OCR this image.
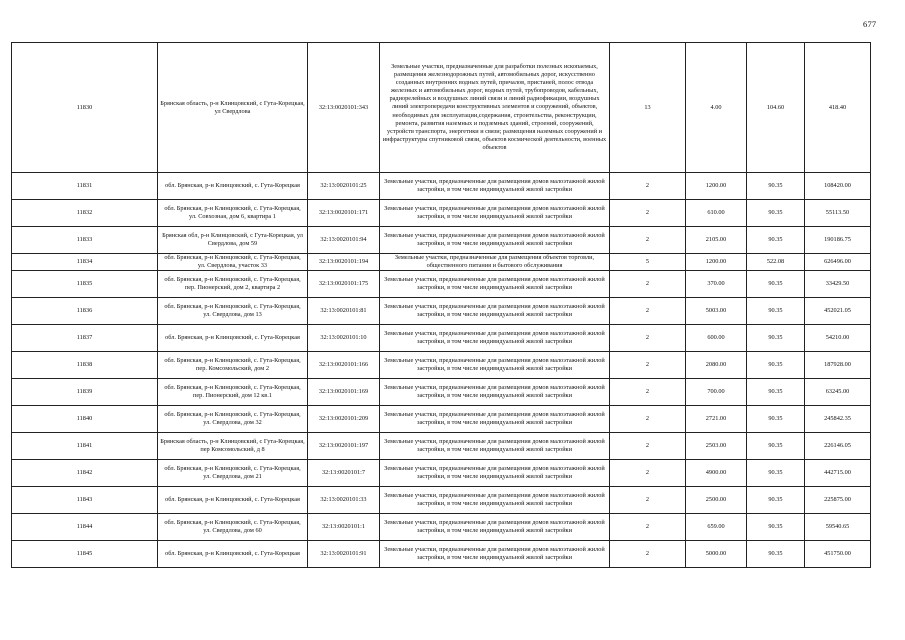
677
11830	Брянская область, р-н Клинцовский, с Гута-Корецкая, ул Свердлова	32:13:0020101:343	Земельные участки, предназначенные для разработки полезных ископаемых, размещения железнодорожных путей, автомобильных дорог, искусственно созданных внутренних водных путей, причалов, пристаней, полос отвода железных и автомобильных дорог, водных путей, трубопроводов, кабельных, радиорелейных и воздушных линий связи и линий радиофикации, воздушных линий электропередачи конструктивных элементов и сооружений, объектов, необходимых для эксплуатации,содержания, строительства, реконструкции, ремонта, развития наземных и подземных зданий, строений, сооружений, устройств транспорта, энергетики и связи; размещения наземных сооружений и инфраструктуры спутниковой связи, объектов космической деятельности, военных объектов	13	4.00	104.60	418.40
11831	обл. Брянская, р-н Клинцовский, с. Гута-Корецкая	32:13:0020101:25	Земельные участки, предназначенные для размещения домов малоэтажной жилой застройки, в том числе индивидуальной жилой застройки	2	1200.00	90.35	108420.00
11832	обл. Брянская, р-н Клинцовский, с. Гута-Корецкая, ул. Совхозная, дом 6, квартира 1	32:13:0020101:171	Земельные участки, предназначенные для размещения домов малоэтажной жилой застройки, в том числе индивидуальной жилой застройки	2	610.00	90.35	55113.50
11833	Брянская обл, р-н Клинцовский, с Гута-Корецкая, ул Свердлова, дом 59	32:13:0020101:94	Земельные участки, предназначенные для размещения домов малоэтажной жилой застройки, в том числе индивидуальной жилой застройки	2	2105.00	90.35	190186.75
11834	обл. Брянская, р-н Клинцовский, с. Гута-Корецкая, ул. Свердлова, участок 33	32:13:0020101:194	Земельные участки, предназначенные для размещения объектов торговли, общественного питания и бытового обслуживания	5	1200.00	522.08	626496.00
11835	обл. Брянская, р-н Клинцовский, с. Гута-Корецкая, пер. Пионерский, дом 2, квартира 2	32:13:0020101:175	Земельные участки, предназначенные для размещения домов малоэтажной жилой застройки, в том числе индивидуальной жилой застройки	2	370.00	90.35	33429.50
11836	обл. Брянская, р-н Клинцовский, с. Гута-Корецкая, ул. Свердлова, дом 13	32:13:0020101:81	Земельные участки, предназначенные для размещения домов малоэтажной жилой застройки, в том числе индивидуальной жилой застройки	2	5003.00	90.35	452021.05
11837	обл. Брянская, р-н Клинцовский, с. Гута-Корецкая	32:13:0020101:10	Земельные участки, предназначенные для размещения домов малоэтажной жилой застройки, в том числе индивидуальной жилой застройки	2	600.00	90.35	54210.00
11838	обл. Брянская, р-н Клинцовский, с. Гута-Корецкая, пер. Комсомольский, дом 2	32:13:0020101:166	Земельные участки, предназначенные для размещения домов малоэтажной жилой застройки, в том числе индивидуальной жилой застройки	2	2080.00	90.35	187928.00
11839	обл. Брянская, р-н Клинцовский, с. Гута-Корецкая, пер. Пионерский, дом 12 кв.1	32:13:0020101:169	Земельные участки, предназначенные для размещения домов малоэтажной жилой застройки, в том числе индивидуальной жилой застройки	2	700.00	90.35	63245.00
11840	обл. Брянская, р-н Клинцовский, с. Гута-Корецкая, ул. Свердлова, дом 32	32:13:0020101:209	Земельные участки, предназначенные для размещения домов малоэтажной жилой застройки, в том числе индивидуальной жилой застройки	2	2721.00	90.35	245842.35
11841	Брянская область, р-н Клинцовский, с Гута-Корецкая, пер Комсомольский, д 8	32:13:0020101:197	Земельные участки, предназначенные для размещения домов малоэтажной жилой застройки, в том числе индивидуальной жилой застройки	2	2503.00	90.35	226146.05
11842	обл. Брянская, р-н Клинцовский, с. Гута-Корецкая, ул. Свердлова, дом 21	32:13:0020101:7	Земельные участки, предназначенные для размещения домов малоэтажной жилой застройки, в том числе индивидуальной жилой застройки	2	4900.00	90.35	442715.00
11843	обл. Брянская, р-н Клинцовский, с. Гута-Корецкая	32:13:0020101:33	Земельные участки, предназначенные для размещения домов малоэтажной жилой застройки, в том числе индивидуальной жилой застройки	2	2500.00	90.35	225875.00
11844	обл. Брянская, р-н Клинцовский, с. Гута-Корецкая, ул. Свердлова, дом 60	32:13:0020101:1	Земельные участки, предназначенные для размещения домов малоэтажной жилой застройки, в том числе индивидуальной жилой застройки	2	659.00	90.35	59540.65
11845	обл. Брянская, р-н Клинцовский, с. Гута-Корецкая	32:13:0020101:91	Земельные участки, предназначенные для размещения домов малоэтажной жилой застройки, в том числе индивидуальной жилой застройки	2	5000.00	90.35	451750.00
